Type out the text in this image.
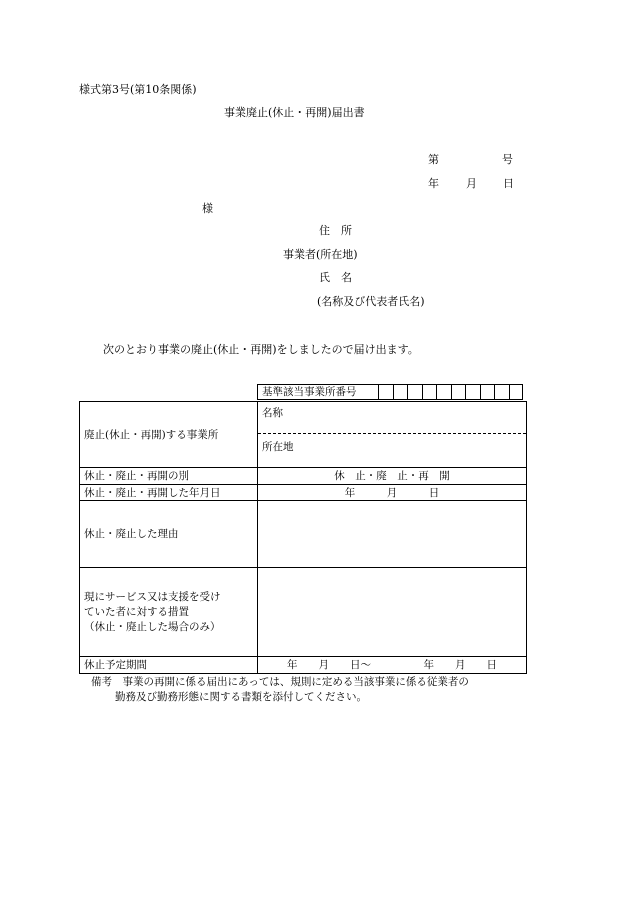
様式第3号(第10条関係)
事業廃止(休止・再開)届出書
第	号
年 月 日
様
住　所
事業者(所在地)
氏　名
(名称及び代表者氏名)
次のとおり事業の廃止(休止・再開)をしましたので届け出ます。
基準該当事業所番号
廃止(休止・再開)する事業所	名称
所在地

休止・廃止・再開の別	休　止・廃　止・再　開
休止・廃止・再開した年月日	年　　　月　　　日
休止・廃止した理由	

現にサービス又は支援を受け
ていた者に対する措置
（休止・廃止した場合のみ）	

休止予定期間	年　　月　　日～　　　　　年　　月　　日
備考　事業の再開に係る届出にあっては、規則に定める当該事業に係る従業者の
勤務及び勤務形態に関する書類を添付してください。
